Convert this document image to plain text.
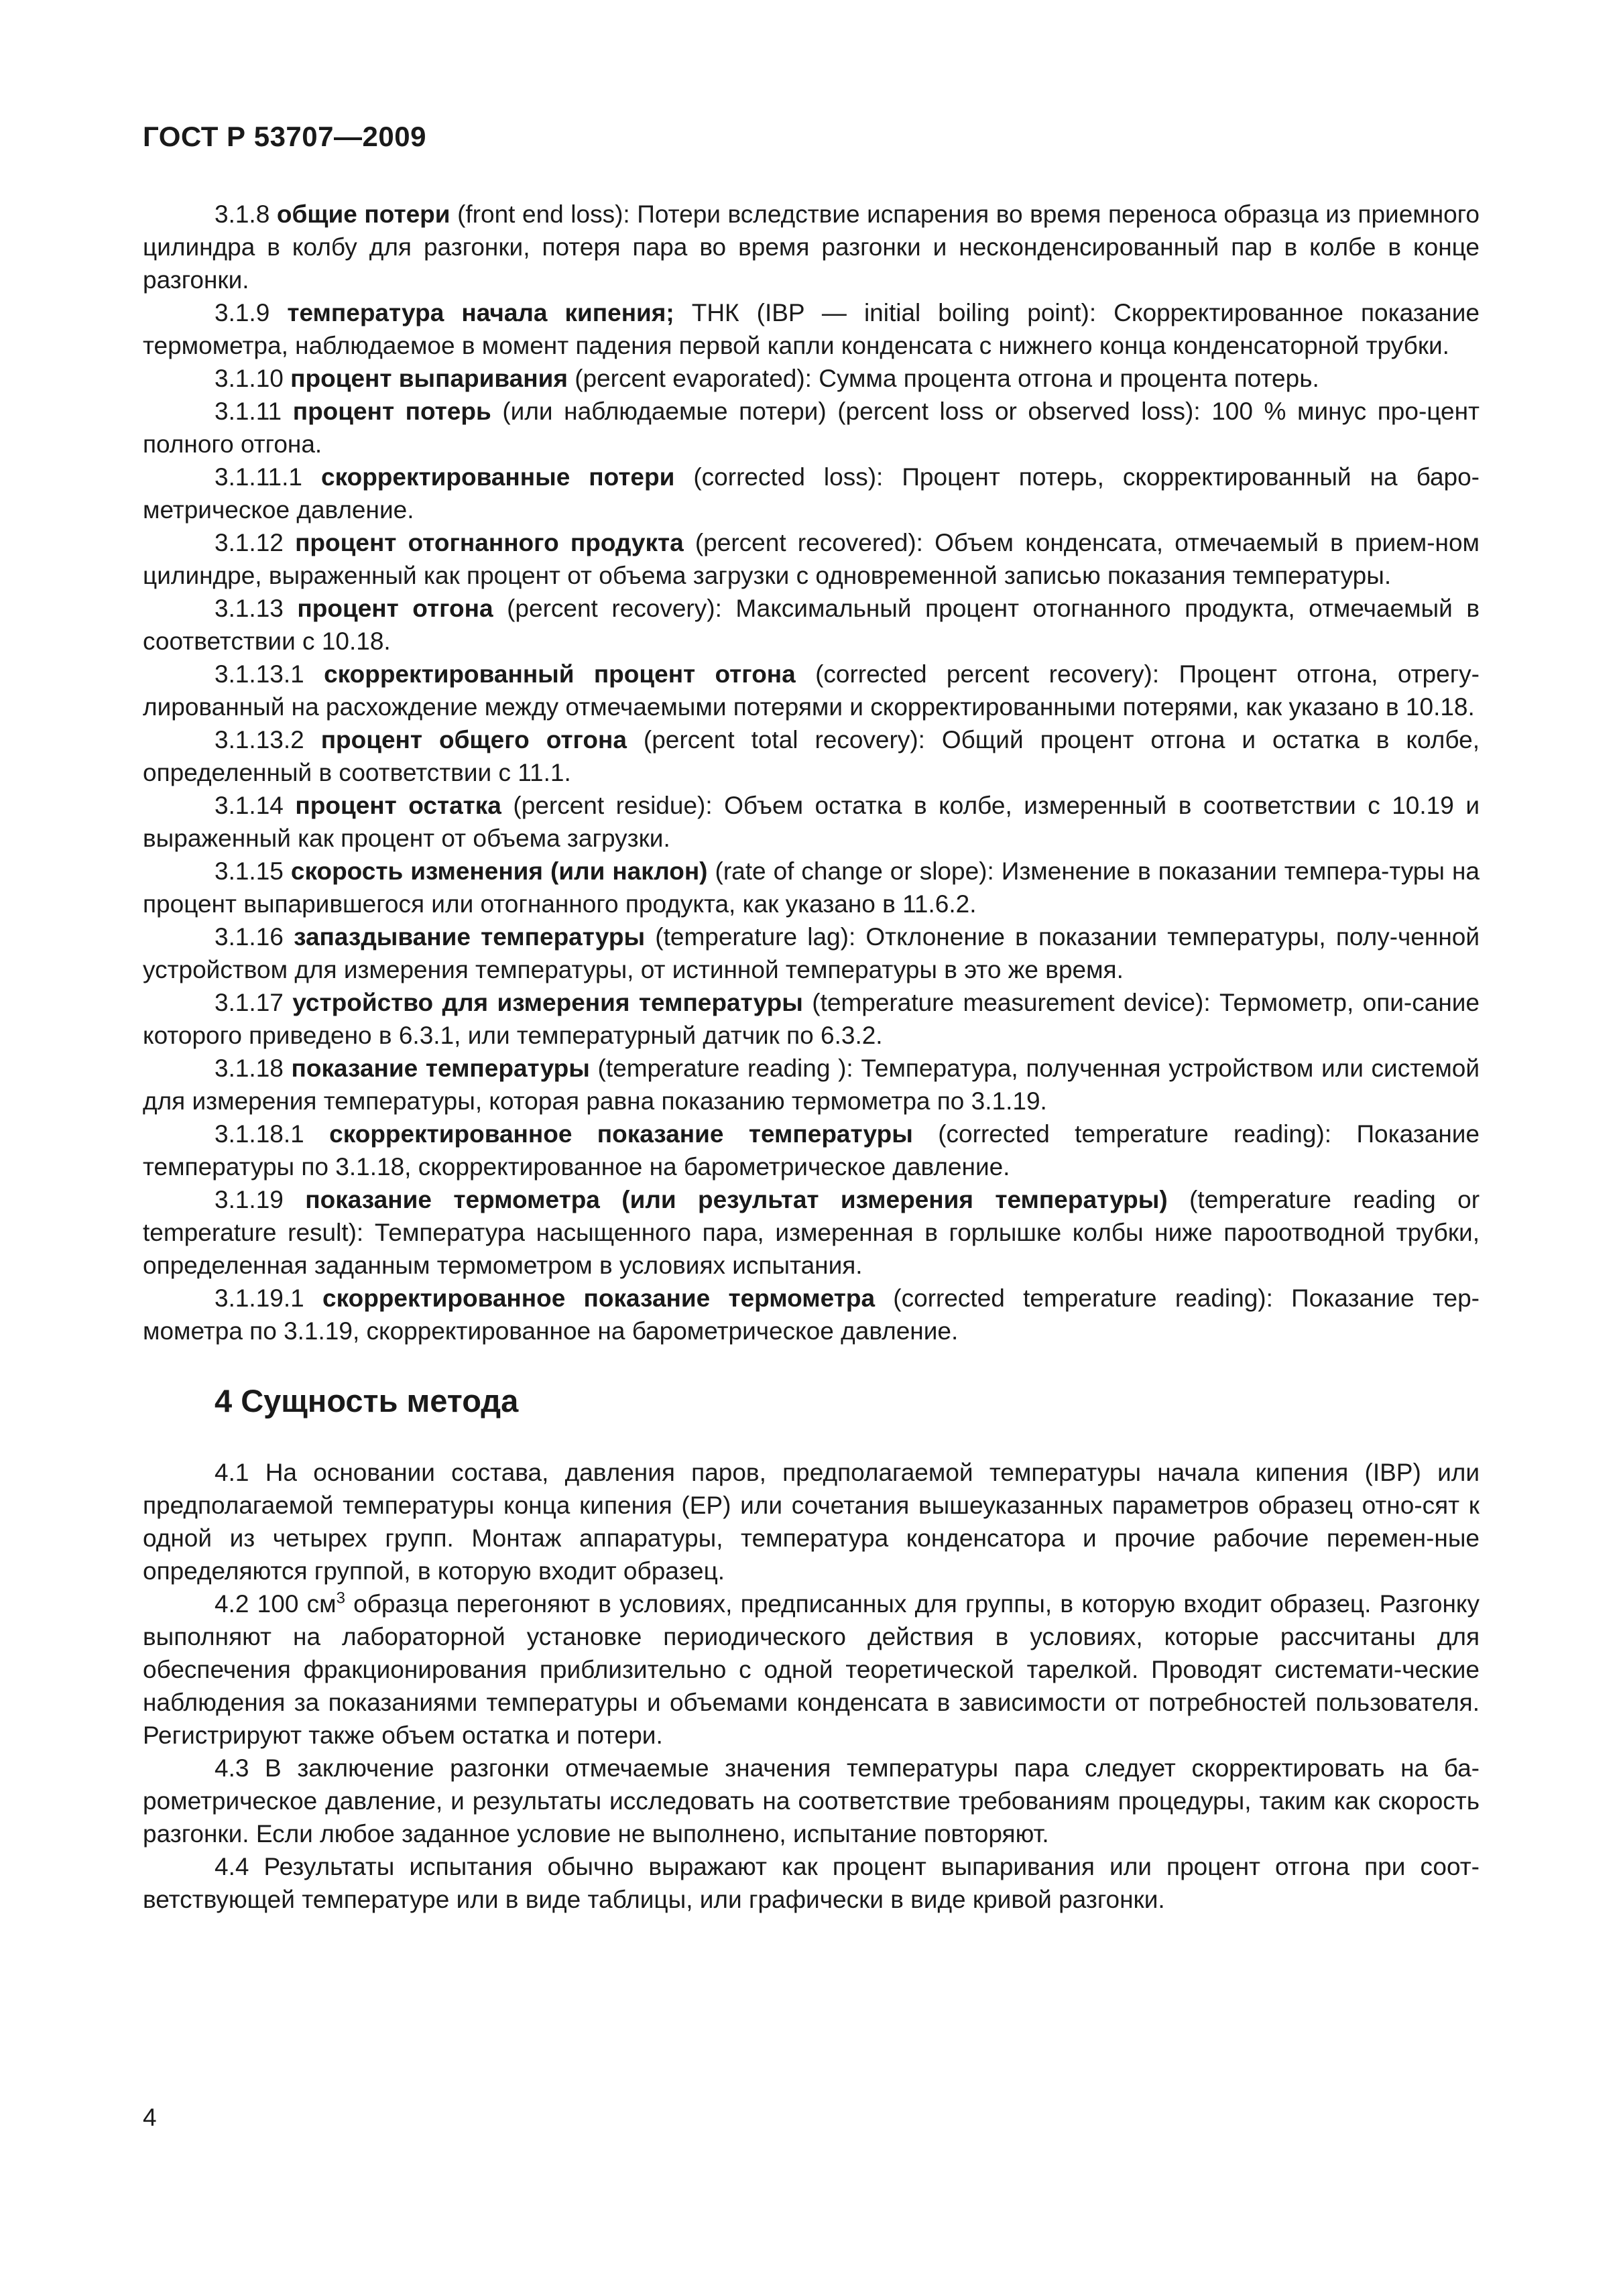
ГОСТ Р 53707—2009

3.1.8 общие потери (front end loss): Потери вследствие испарения во время переноса образца из приемного цилиндра в колбу для разгонки, потеря пара во время разгонки и несконденсированный пар в колбе в конце разгонки.

3.1.9 температура начала кипения; ТНК (IBP — initial boiling point): Скорректированное показание термометра, наблюдаемое в момент падения первой капли конденсата с нижнего конца конденсаторной трубки.

3.1.10 процент выпаривания (percent evaporated): Сумма процента отгона и процента потерь.

3.1.11 процент потерь (или наблюдаемые потери) (percent loss or observed loss): 100 % минус про-цент полного отгона.

3.1.11.1 скорректированные потери (corrected loss): Процент потерь, скорректированный на баро-метрическое давление.

3.1.12 процент отогнанного продукта (percent recovered): Объем конденсата, отмечаемый в прием-ном цилиндре, выраженный как процент от объема загрузки с одновременной записью показания температуры.

3.1.13 процент отгона (percent recovery): Максимальный процент отогнанного продукта, отмечаемый в соответствии с 10.18.

3.1.13.1 скорректированный процент отгона (corrected percent recovery): Процент отгона, отрегу-лированный на расхождение между отмечаемыми потерями и скорректированными потерями, как указано в 10.18.

3.1.13.2 процент общего отгона (percent total recovery): Общий процент отгона и остатка в колбе, определенный в соответствии с 11.1.

3.1.14 процент остатка (percent residue): Объем остатка в колбе, измеренный в соответствии с 10.19 и выраженный как процент от объема загрузки.

3.1.15 скорость изменения (или наклон) (rate of change or slope): Изменение в показании темпера-туры на процент выпарившегося или отогнанного продукта, как указано в 11.6.2.

3.1.16 запаздывание температуры (temperature lag): Отклонение в показании температуры, полу-ченной устройством для измерения температуры, от истинной температуры в это же время.

3.1.17 устройство для измерения температуры (temperature measurement device): Термометр, опи-сание которого приведено в 6.3.1, или температурный датчик по 6.3.2.

3.1.18 показание температуры (temperature reading ): Температура, полученная устройством или системой для измерения температуры, которая равна показанию термометра по 3.1.19.

3.1.18.1 скорректированное показание температуры (corrected temperature reading): Показание температуры по 3.1.18, скорректированное на барометрическое давление.

3.1.19 показание термометра (или результат измерения температуры) (temperature reading or temperature result): Температура насыщенного пара, измеренная в горлышке колбы ниже пароотводной трубки, определенная заданным термометром в условиях испытания.

3.1.19.1 скорректированное показание термометра (corrected temperature reading): Показание тер-мометра по 3.1.19, скорректированное на барометрическое давление.

4 Сущность метода

4.1 На основании состава, давления паров, предполагаемой температуры начала кипения (IBP) или предполагаемой температуры конца кипения (EP) или сочетания вышеуказанных параметров образец отно-сят к одной из четырех групп. Монтаж аппаратуры, температура конденсатора и прочие рабочие перемен-ные определяются группой, в которую входит образец.

4.2 100 $см^3$ образца перегоняют в условиях, предписанных для группы, в которую входит образец. Разгонку выполняют на лабораторной установке периодического действия в условиях, которые рассчитаны для обеспечения фракционирования приблизительно с одной теоретической тарелкой. Проводят системати-ческие наблюдения за показаниями температуры и объемами конденсата в зависимости от потребностей пользователя. Регистрируют также объем остатка и потери.

4.3 В заключение разгонки отмечаемые значения температуры пара следует скорректировать на ба-рометрическое давление, и результаты исследовать на соответствие требованиям процедуры, таким как скорость разгонки. Если любое заданное условие не выполнено, испытание повторяют.

4.4 Результаты испытания обычно выражают как процент выпаривания или процент отгона при соот-ветствующей температуре или в виде таблицы, или графически в виде кривой разгонки.

4
